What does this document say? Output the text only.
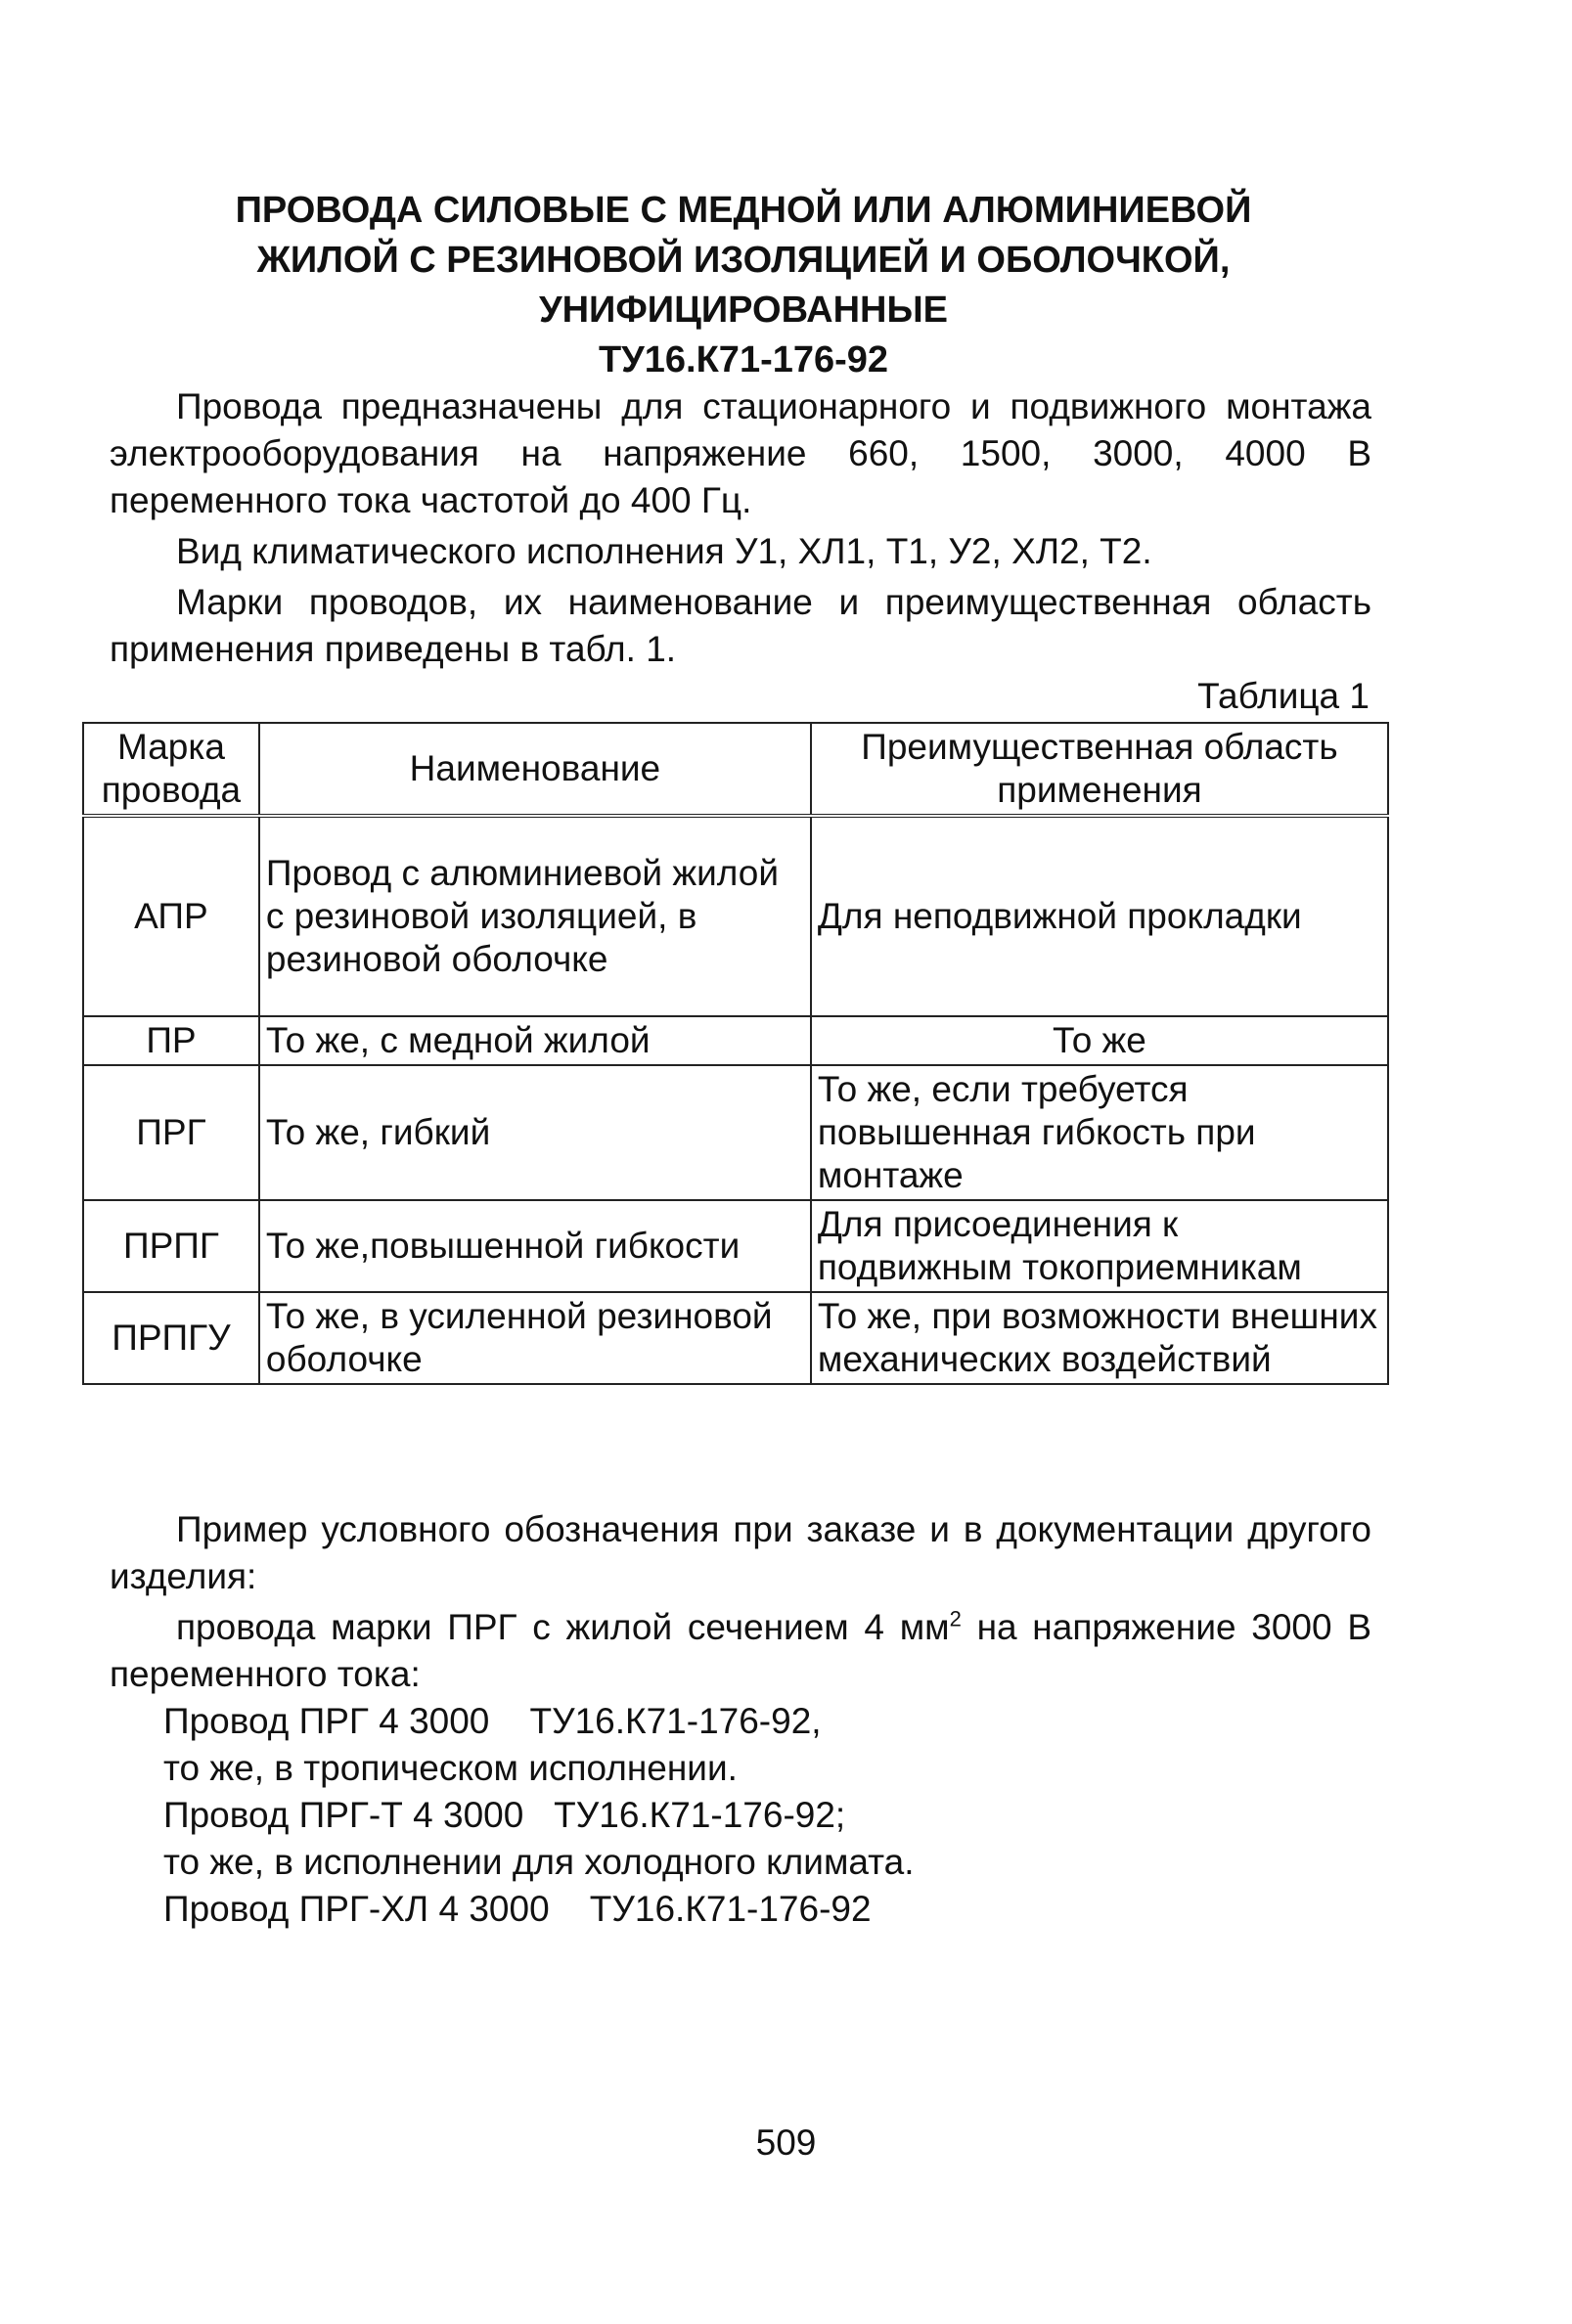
ПРОВОДА СИЛОВЫЕ С МЕДНОЙ ИЛИ АЛЮМИНИЕВОЙ
ЖИЛОЙ С РЕЗИНОВОЙ ИЗОЛЯЦИЕЙ И ОБОЛОЧКОЙ,
УНИФИЦИРОВАННЫЕ
ТУ16.К71-176-92

Провода предназначены для стационарного и подвижного монтажа электрооборудования на напряжение 660, 1500, 3000, 4000 В переменного тока частотой до 400 Гц.

Вид климатического исполнения У1, ХЛ1, Т1, У2, ХЛ2, Т2.

Марки проводов, их наименование и преимущественная область применения приведены в табл. 1.

Таблица 1
Марка провода	Наименование	Преимущественная область применения
АПР	Провод с алюминиевой жилой с резиновой изоляцией, в резиновой оболочке	Для неподвижной прокладки
ПР	То же, с медной жилой	То же
ПРГ	То же, гибкий	То же, если требуется повышенная гибкость при монтаже
ПРПГ	То же,повышенной гибкости	Для присоединения к подвижным токоприемникам
ПРПГУ	То же, в усиленной резиновой оболочке	То же, при возможности внешних механических воздействий

Пример условного обозначения при заказе и в документации другого изделия:

провода марки ПРГ с жилой сечением 4 $мм^2$ на напряжение 3000 В переменного тока:

Провод ПРГ 4 3000    ТУ16.К71-176-92,

то же, в тропическом исполнении.

Провод ПРГ-Т 4 3000   ТУ16.К71-176-92;

то же, в исполнении для холодного климата.

Провод ПРГ-ХЛ 4 3000    ТУ16.К71-176-92

509
